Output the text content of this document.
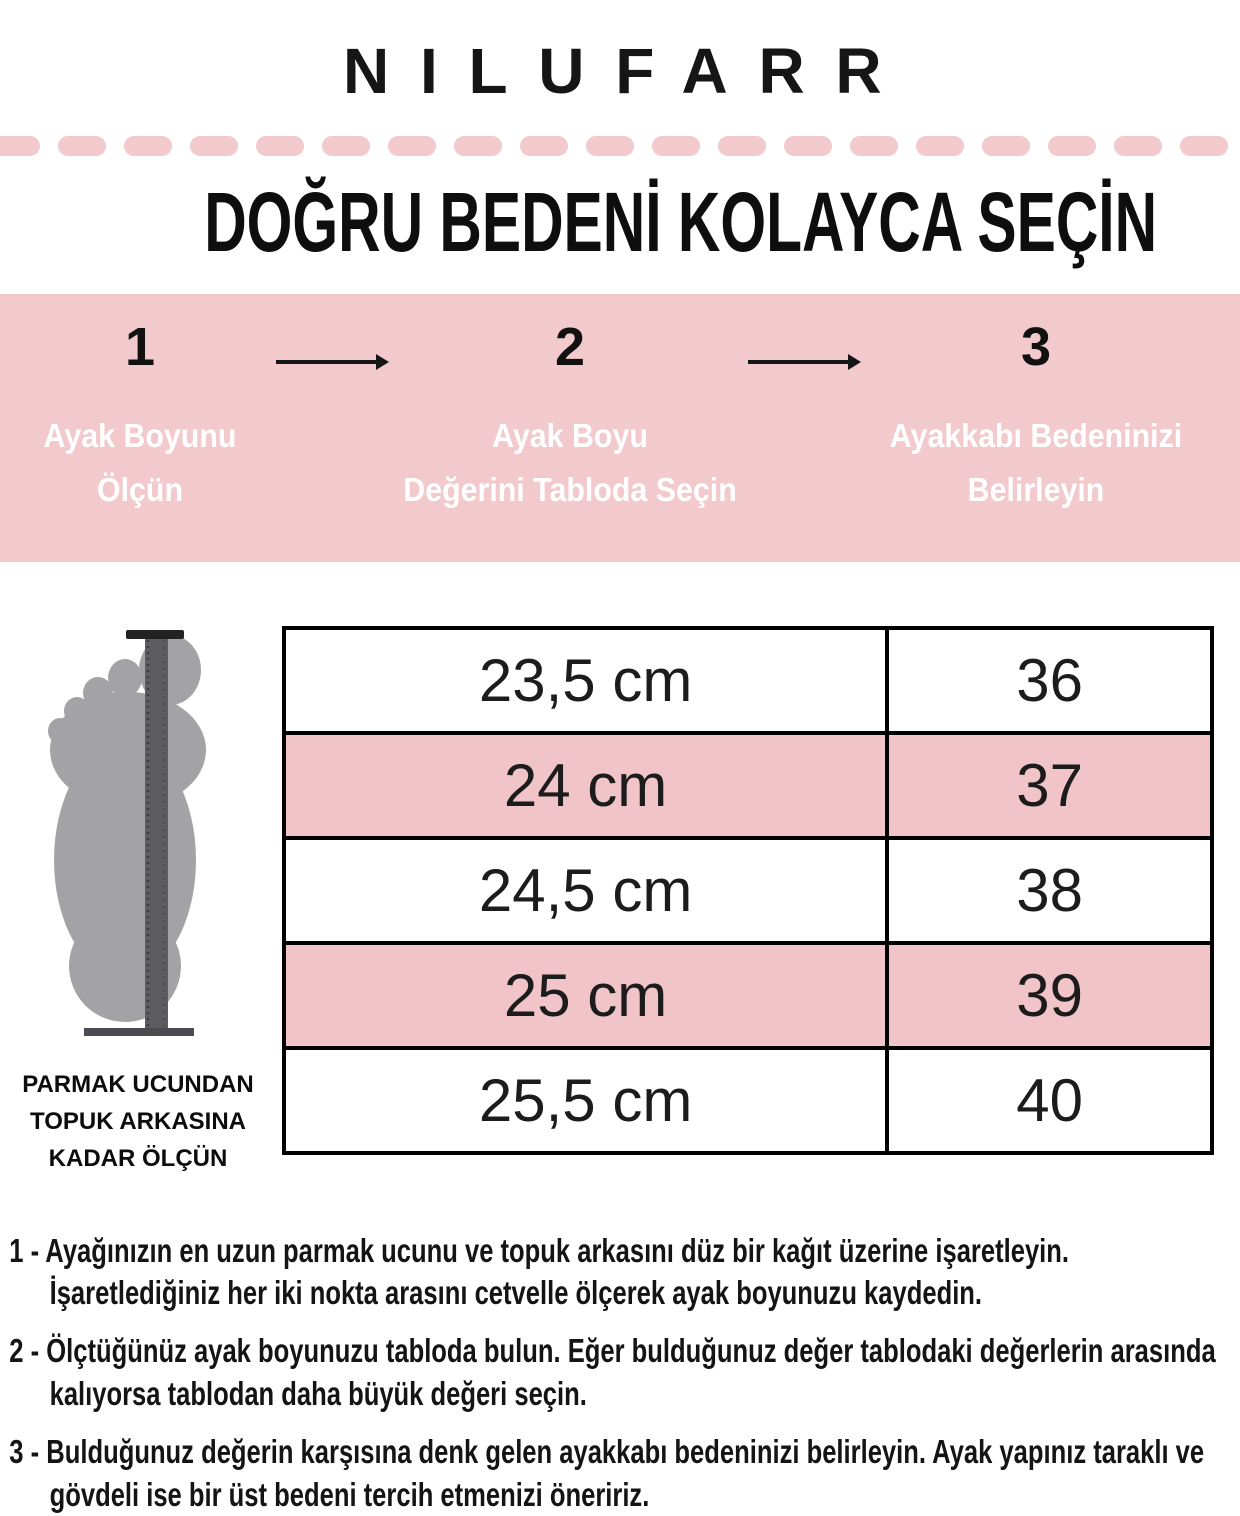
NILUFARR
DOĞRU BEDENİ KOLAYCA SEÇİN
1
Ayak Boyunu
Ölçün
2
Ayak Boyu
Değerini Tabloda Seçin
3
Ayakkabı Bedeninizi
Belirleyin
PARMAK UCUNDAN
TOPUK ARKASINA
KADAR ÖLÇÜN
23,5 cm	36
24 cm	37
24,5 cm	38
25 cm	39
25,5 cm	40

1 - Ayağınızın en uzun parmak ucunu ve topuk arkasını düz bir kağıt üzerine işaretleyin. İşaretlediğiniz her iki nokta arasını cetvelle ölçerek ayak boyunuzu kaydedin.

2 - Ölçtüğünüz ayak boyunuzu tabloda bulun. Eğer bulduğunuz değer tablodaki değerlerin arasında kalıyorsa tablodan daha büyük değeri seçin.

3 - Bulduğunuz değerin karşısına denk gelen ayakkabı bedeninizi belirleyin. Ayak yapınız taraklı ve gövdeli ise bir üst bedeni tercih etmenizi öneririz.
